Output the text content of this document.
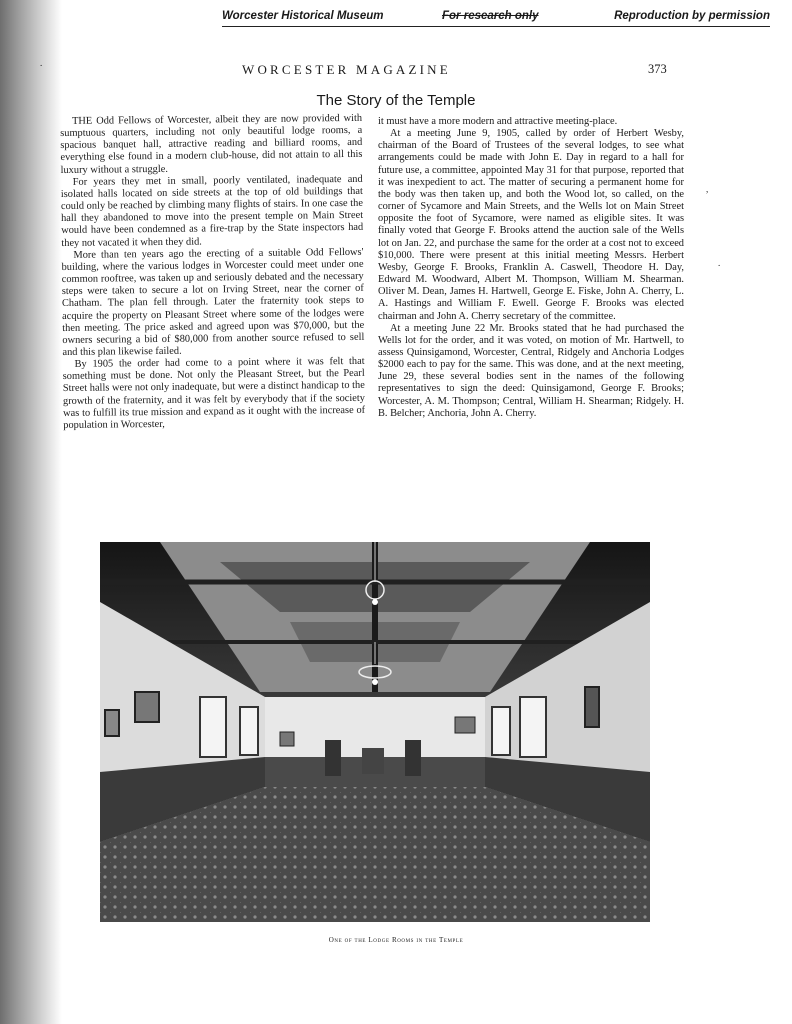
Worcester Historical Museum	For research only	Reproduction by permission
WORCESTER MAGAZINE	373
The Story of the Temple

THE Odd Fellows of Worcester, albeit they are now provided with sumptuous quarters, including not only beautiful lodge rooms, a spacious banquet hall, attractive reading and billiard rooms, and everything else found in a modern club-house, did not attain to all this luxury without a struggle.

For years they met in small, poorly ventilated, inadequate and isolated halls located on side streets at the top of old buildings that could only be reached by climbing many flights of stairs. In one case the hall they abandoned to move into the present temple on Main Street would have been condemned as a fire-trap by the State inspectors had they not vacated it when they did.

More than ten years ago the erecting of a suitable Odd Fellows' building, where the various lodges in Worcester could meet under one common rooftree, was taken up and seriously debated and the necessary steps were taken to secure a lot on Irving Street, near the corner of Chatham. The plan fell through. Later the fraternity took steps to acquire the property on Pleasant Street where some of the lodges were then meeting. The price asked and agreed upon was $70,000, but the owners securing a bid of $80,000 from another source refused to sell and this plan likewise failed.

By 1905 the order had come to a point where it was felt that something must be done. Not only the Pleasant Street, but the Pearl Street halls were not only inadequate, but were a distinct handicap to the growth of the fraternity, and it was felt by everybody that if the society was to fulfill its true mission and expand as it ought with the increase of population in Worcester,

it must have a more modern and attractive meeting-place.

At a meeting June 9, 1905, called by order of Herbert Wesby, chairman of the Board of Trustees of the several lodges, to see what arrangements could be made with John E. Day in regard to a hall for future use, a committee, appointed May 31 for that purpose, reported that it was inexpedient to act. The matter of securing a permanent home for the body was then taken up, and both the Wood lot, so called, on the corner of Sycamore and Main Streets, and the Wells lot on Main Street opposite the foot of Sycamore, were named as eligible sites. It was finally voted that George F. Brooks attend the auction sale of the Wells lot on Jan. 22, and purchase the same for the order at a cost not to exceed $10,000. There were present at this initial meeting Messrs. Herbert Wesby, George F. Brooks, Franklin A. Caswell, Theodore H. Day, Edward M. Woodward, Albert M. Thompson, William M. Shearman. Oliver M. Dean, James H. Hartwell, George E. Fiske, John A. Cherry, L. A. Hastings and William F. Ewell. George F. Brooks was elected chairman and John A. Cherry secretary of the committee.

At a meeting June 22 Mr. Brooks stated that he had purchased the Wells lot for the order, and it was voted, on motion of Mr. Hartwell, to assess Quinsigamond, Worcester, Central, Ridgely and Anchoria Lodges $2000 each to pay for the same. This was done, and at the next meeting, June 29, these several bodies sent in the names of the following representatives to sign the deed: Quinsigamond, George F. Brooks; Worcester, A. M. Thompson; Central, William H. Shearman; Ridgely. H. B. Belcher; Anchoria, John A. Cherry.

One of the Lodge Rooms in the Temple
,
.
.
